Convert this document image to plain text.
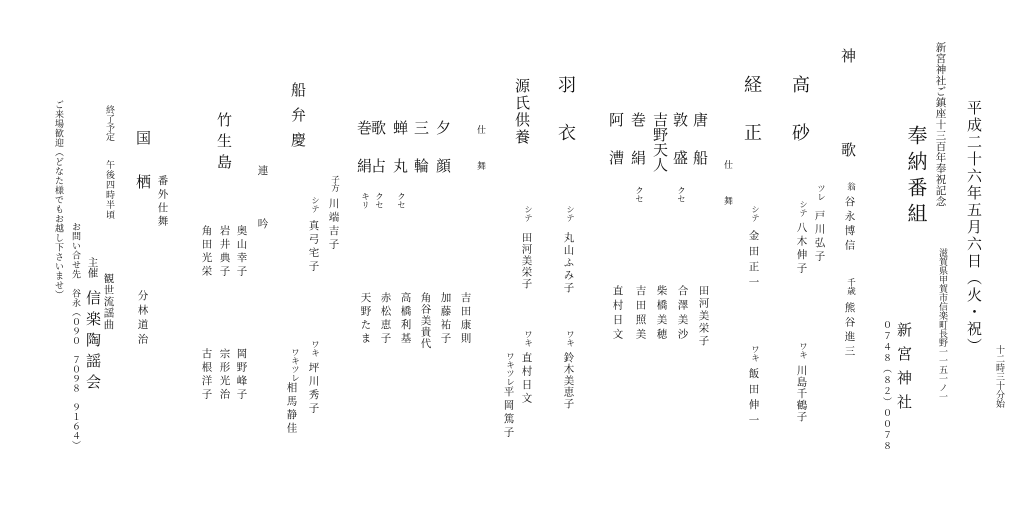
平成二十六年五月六日（火・祝）
十二時三十分始
新宮神社ご鎮座十三百年奉祝記念
奉納番組
滋賀県甲賀市信楽町長野一一五一ノ一
新宮神社
０７４８（８２）００７８
神
歌
翁
谷永博信
千歳
熊谷進三
高　砂
ツレ
戸川弘子
シテ
八木伸子
ワキ
川島千鶴子
経　正
シテ
金田正一
ワキ
飯田伸一
仕　舞
唐　船
田河美栄子
敦　盛
クセ
合澤美沙
吉野天人
柴橋美穂
巻　絹
クセ
吉田照美
阿　漕
直村日文
羽　衣
シテ
丸山ふみ子
ワキ
鈴木美恵子
源氏供養
シテ
田河美栄子
ワキ
直村日文
ワキツレ
平岡篤子
仕　舞
夕　顔
吉田康則
三　輪
加藤祐子
蝉　丸
クセ
角谷美貴代
歌　占
クセ
高橋利基
巻　絹
キリ
赤松恵子
天野たま
船弁慶
子方
川端吉子
シテ
真弓宅子
ワキ
坪川秀子
ワキツレ
相馬静佳
竹生島
連　吟
奥山幸子
岩井典子
角田光栄
岡野峰子
宗形光治
古根洋子
国　栖
番外仕舞
分林道治
終了予定
午後四時半頃
主催
観世流謡曲
信楽陶謡会
お問い合せ先　谷永（０９０　７０９８　９１６４）
ご来場歓迎（どなた様でもお越し下さいませ）
